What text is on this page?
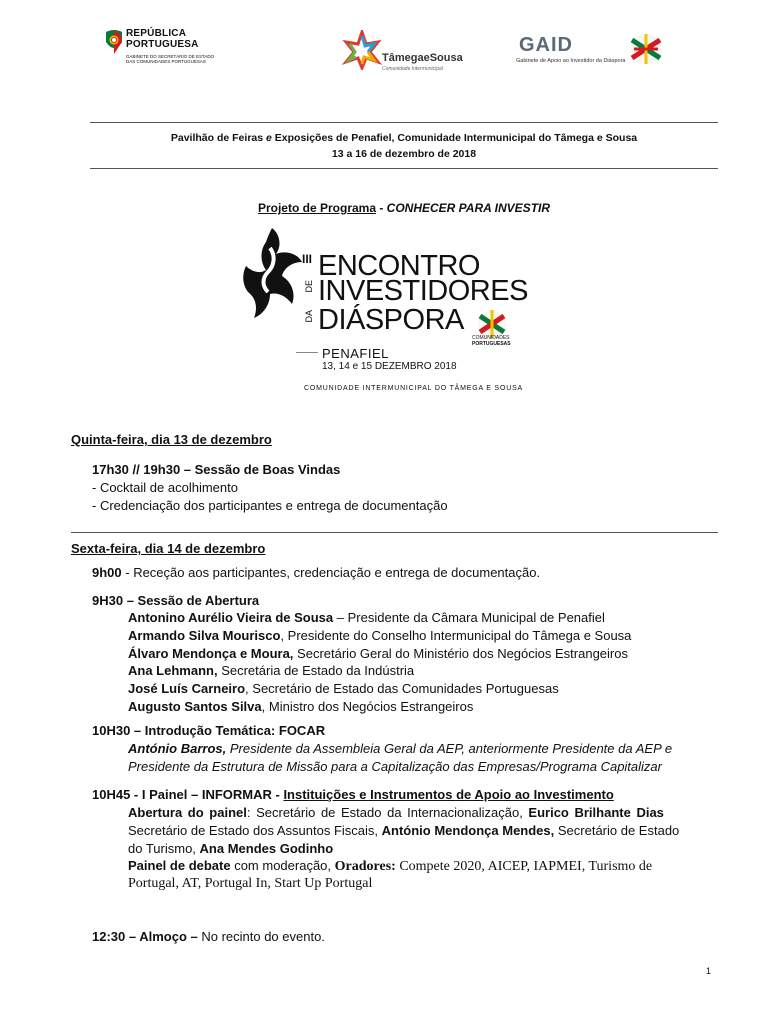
REPÚBLICA
PORTUGUESA
GABINETE DO SECRETÁRIO DE ESTADO
DAS COMUNIDADES PORTUGUESAS	TâmegaeSousa
Comunidade Intermunicipal
GAID
Gabinete de Apoio ao Investidor da Diáspora
Pavilhão de Feiras e Exposições de Penafiel, Comunidade Intermunicipal do Tâmega e Sousa
13 a 16 de dezembro de 2018
Projeto de Programa - CONHECER PARA INVESTIR
III ENCONTRO
DE INVESTIDORES
DA DIÁSPORA
COMUNIDADES
PORTUGUESAS
PENAFIEL
13, 14 e 15 DEZEMBRO 2018
COMUNIDADE INTERMUNICIPAL DO TÂMEGA E SOUSA
Quinta-feira, dia 13 de dezembro
17h30 // 19h30 – Sessão de Boas Vindas
- Cocktail de acolhimento
- Credenciação dos participantes e entrega de documentação
Sexta-feira, dia 14 de dezembro
9h00 - Receção aos participantes, credenciação e entrega de documentação.
9H30 – Sessão de Abertura
Antonino Aurélio Vieira de Sousa – Presidente da Câmara Municipal de Penafiel
Armando Silva Mourisco, Presidente do Conselho Intermunicipal do Tâmega e Sousa
Álvaro Mendonça e Moura, Secretário Geral do Ministério dos Negócios Estrangeiros
Ana Lehmann, Secretária de Estado da Indústria
José Luís Carneiro, Secretário de Estado das Comunidades Portuguesas
Augusto Santos Silva, Ministro dos Negócios Estrangeiros
10H30 – Introdução Temática: FOCAR
António Barros, Presidente da Assembleia Geral da AEP, anteriormente Presidente da AEP e
Presidente da Estrutura de Missão para a Capitalização das Empresas/Programa Capitalizar
10H45 - I Painel – INFORMAR - Instituições e Instrumentos de Apoio ao Investimento
Abertura do painel: Secretário de Estado da Internacionalização, Eurico Brilhante Dias
Secretário de Estado dos Assuntos Fiscais, António Mendonça Mendes, Secretário de Estado
do Turismo, Ana Mendes Godinho
Painel de debate com moderação, Oradores: Compete 2020, AICEP, IAPMEI, Turismo de
Portugal, AT, Portugal In, Start Up Portugal
12:30 – Almoço – No recinto do evento.
1
